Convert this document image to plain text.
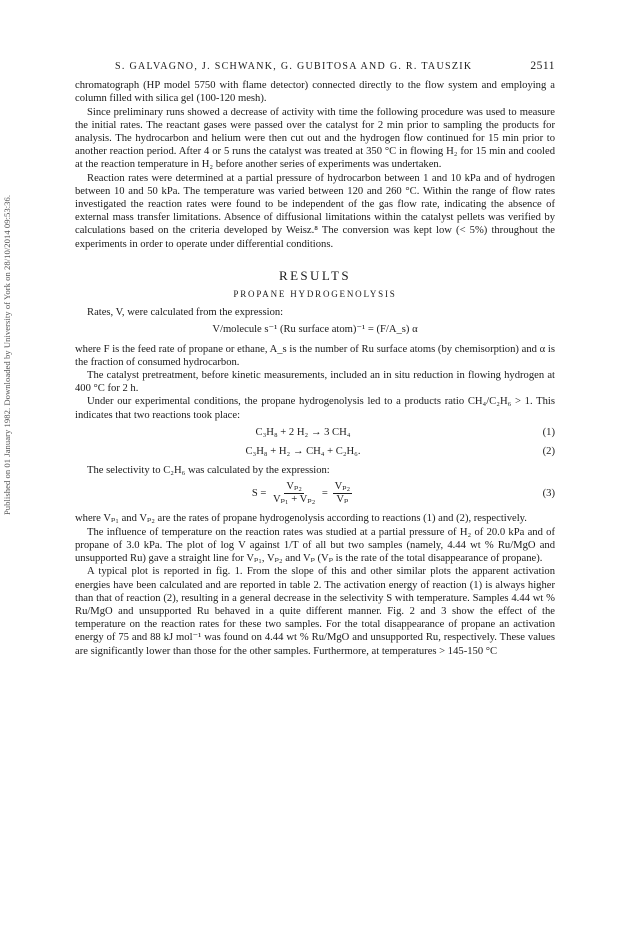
Published on 01 January 1982. Downloaded by University of York on 28/10/2014 09:53:36.
S. GALVAGNO, J. SCHWANK, G. GUBITOSA AND G. R. TAUSZIK	2511

chromatograph (HP model 5750 with flame detector) connected directly to the flow system and employing a column filled with silica gel (100-120 mesh).

Since preliminary runs showed a decrease of activity with time the following procedure was used to measure the initial rates. The reactant gases were passed over the catalyst for 2 min prior to sampling the products for analysis. The hydrocarbon and helium were then cut out and the hydrogen flow continued for 15 min prior to another reaction period. After 4 or 5 runs the catalyst was treated at 350 °C in flowing H₂ for 15 min and cooled at the reaction temperature in H₂ before another series of experiments was undertaken.

Reaction rates were determined at a partial pressure of hydrocarbon between 1 and 10 kPa and of hydrogen between 10 and 50 kPa. The temperature was varied between 120 and 260 °C. Within the range of flow rates investigated the reaction rates were found to be independent of the gas flow rate, indicating the absence of external mass transfer limitations. Absence of diffusional limitations within the catalyst pellets was verified by calculations based on the criteria developed by Weisz.⁸ The conversion was kept low (< 5%) throughout the experiments in order to operate under differential conditions.

RESULTS
PROPANE HYDROGENOLYSIS

Rates, V, were calculated from the expression:

V/molecule s⁻¹ (Ru surface atom)⁻¹ = (F/A_s) α

where F is the feed rate of propane or ethane, A_s is the number of Ru surface atoms (by chemisorption) and α is the fraction of consumed hydrocarbon.

The catalyst pretreatment, before kinetic measurements, included an in situ reduction in flowing hydrogen at 400 °C for 2 h.

Under our experimental conditions, the propane hydrogenolysis led to a products ratio CH₄/C₂H₆ > 1. This indicates that two reactions took place:

C₃H₈ + 2 H₂ → 3 CH₄	(1)
C₃H₈ + H₂ → CH₄ + C₂H₆.	(2)

The selectivity to C₂H₆ was calculated by the expression:

$S = \frac{\text{Vₚ₂}}{\text{Vₚ₁ + Vₚ₂}} = \frac{\text{Vₚ₂}}{\text{Vₚ}}$	(3)

where Vₚ₁ and Vₚ₂ are the rates of propane hydrogenolysis according to reactions (1) and (2), respectively.

The influence of temperature on the reaction rates was studied at a partial pressure of H₂ of 20.0 kPa and of propane of 3.0 kPa. The plot of log V against 1/T of all but two samples (namely, 4.44 wt % Ru/MgO and unsupported Ru) gave a straight line for Vₚ₁, Vₚ₂ and Vₚ (Vₚ is the rate of the total disappearance of propane).

A typical plot is reported in fig. 1. From the slope of this and other similar plots the apparent activation energies have been calculated and are reported in table 2. The activation energy of reaction (1) is always higher than that of reaction (2), resulting in a general decrease in the selectivity S with temperature. Samples 4.44 wt % Ru/MgO and unsupported Ru behaved in a quite different manner. Fig. 2 and 3 show the effect of the temperature on the reaction rates for these two samples. For the total disappearance of propane an activation energy of 75 and 88 kJ mol⁻¹ was found on 4.44 wt % Ru/MgO and unsupported Ru, respectively. These values are significantly lower than those for the other samples. Furthermore, at temperatures > 145-150 °C
